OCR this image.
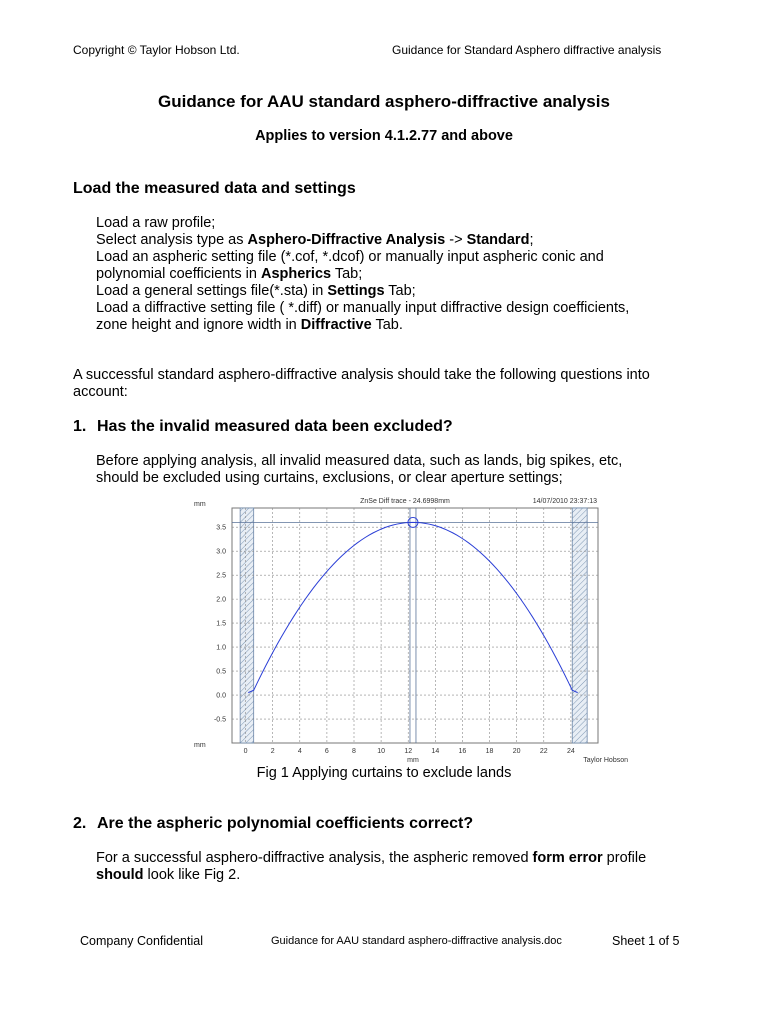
Copyright © Taylor Hobson Ltd.	Guidance for Standard Asphero diffractive analysis
Guidance for AAU standard asphero-diffractive analysis
Applies to version 4.1.2.77 and above
Load the measured data and settings
Load a raw profile;
Select analysis type as Asphero-Diffractive Analysis -> Standard;
Load an aspheric setting file (*.cof, *.dcof) or manually input aspheric conic and
polynomial coefficients in Aspherics Tab;
Load a general settings file(*.sta) in Settings Tab;
Load a diffractive setting file ( *.diff) or manually input diffractive design coefficients,
zone height and ignore width in Diffractive Tab.
A successful standard asphero-diffractive analysis should take the following questions into
account:
1. Has the invalid measured data been excluded?
Before applying analysis, all invalid measured data, such as lands, big spikes, etc,
should be excluded using curtains, exclusions, or clear aperture settings;
-0.5
0.0
0.5
1.0
1.5
2.0
2.5
3.0
3.5
0	2	4	6	8	10	12	14	16	18	20	22	24
mm
mm
mm	Taylor Hobson
ZnSe Diff trace - 24.6998mm	14/07/2010 23:37:13
Fig 1 Applying curtains to exclude lands
2. Are the aspheric polynomial coefficients correct?
For a successful asphero-diffractive analysis, the aspheric removed form error profile
should look like Fig 2.
Company Confidential	Guidance for AAU standard asphero-diffractive analysis.doc	Sheet 1 of 5
